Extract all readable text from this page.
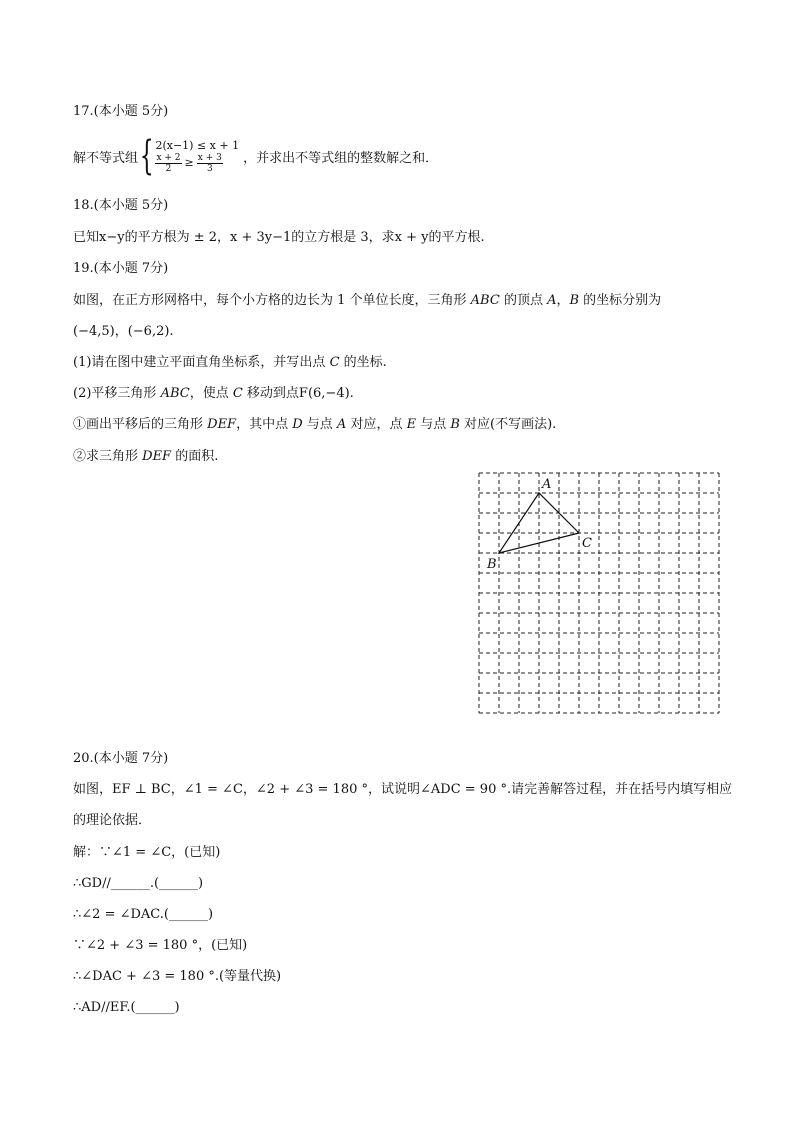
17.(本小题 5分)
解不等式组 { 2(x−1) ≤ x + 1
$\frac{x + 2}{2} \ge \frac{x + 3}{3}$ ，并求出不等式组的整数解之和．
18.(本小题 5分)
已知x−y的平方根为 ± 2，x + 3y−1的立方根是 3，求x + y的平方根.
19.(本小题 7分)
如图，在正方形网格中，每个小方格的边长为 1 个单位长度，三角形 ABC 的顶点 A，B 的坐标分别为
(−4,5)，(−6,2).
(1)请在图中建立平面直角坐标系，并写出点 C 的坐标.
(2)平移三角形 ABC，使点 C 移动到点F(6,−4).
①画出平移后的三角形 DEF，其中点 D 与点 A 对应，点 E 与点 B 对应(不写画法).
②求三角形 DEF 的面积.
A
B
C
20.(本小题 7分)
如图，EF ⊥ BC，∠1 = ∠C，∠2 + ∠3 = 180 °，试说明∠ADC = 90 °.请完善解答过程，并在括号内填写相应
的理论依据．
解：∵∠1 = ∠C，(已知)
∴GD//______.(______)
∴∠2 = ∠DAC.(______)
∵∠2 + ∠3 = 180 °，(已知)
∴∠DAC + ∠3 = 180 °.(等量代换)
∴AD//EF.(______)
